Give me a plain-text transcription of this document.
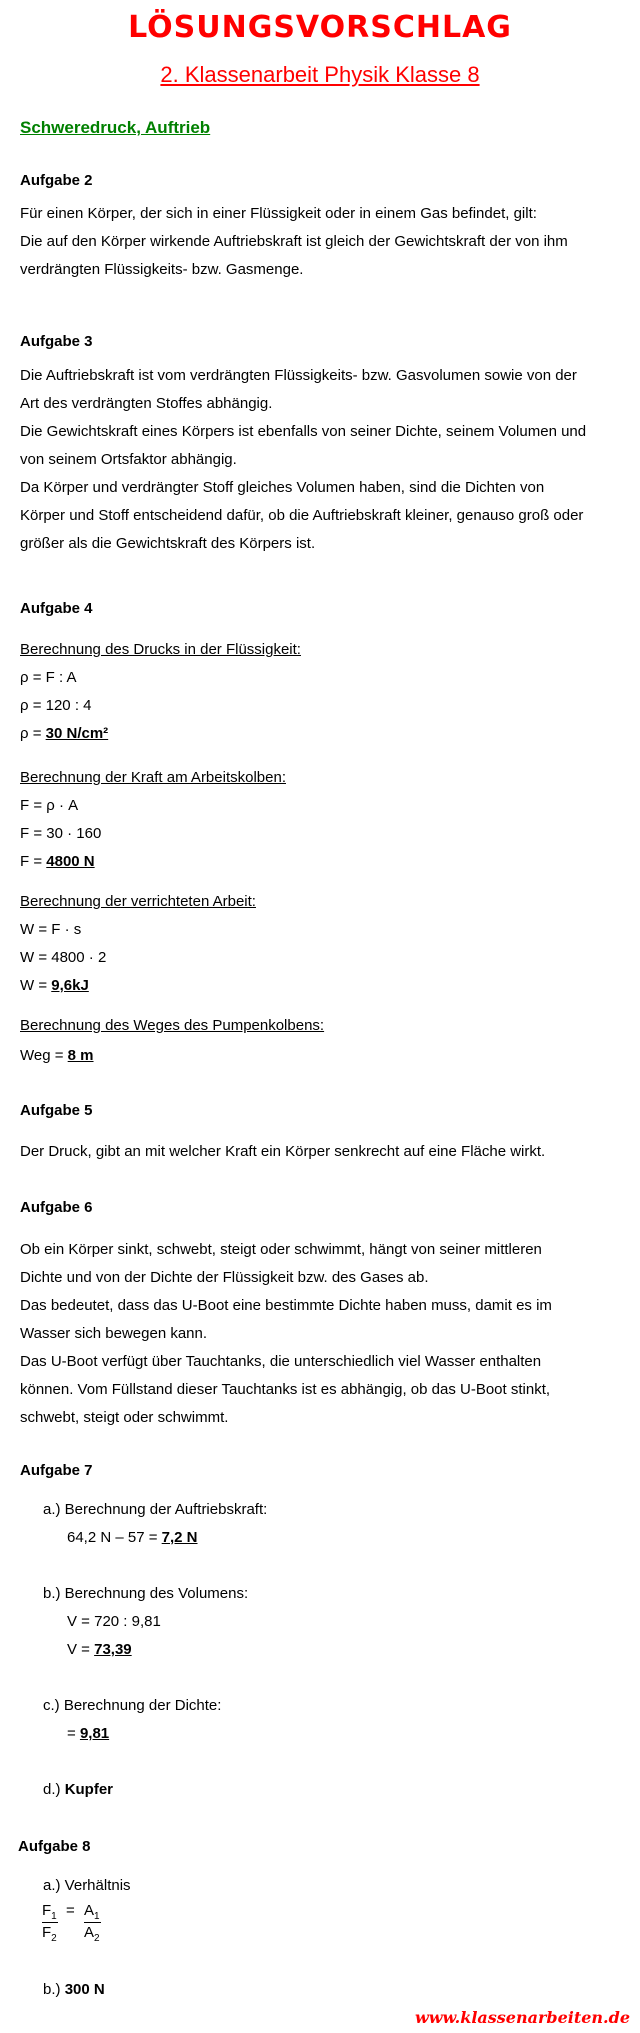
LÖSUNGSVORSCHLAG
2. Klassenarbeit Physik Klasse 8
Schweredruck, Auftrieb
Aufgabe 2
Für einen Körper, der sich in einer Flüssigkeit oder in einem Gas befindet, gilt:
Die auf den Körper wirkende Auftriebskraft ist gleich der Gewichtskraft der von ihm
verdrängten Flüssigkeits- bzw. Gasmenge.
Aufgabe 3
Die Auftriebskraft ist vom verdrängten Flüssigkeits- bzw. Gasvolumen sowie von der
Art des verdrängten Stoffes abhängig.
Die Gewichtskraft eines Körpers ist ebenfalls von seiner Dichte, seinem Volumen und
von seinem Ortsfaktor abhängig.
Da Körper und verdrängter Stoff gleiches Volumen haben, sind die Dichten von
Körper und Stoff entscheidend dafür, ob die Auftriebskraft kleiner, genauso groß oder
größer als die Gewichtskraft des Körpers ist.
Aufgabe 4
Berechnung des Drucks in der Flüssigkeit:
ρ = F : A
ρ = 120 : 4
ρ = 30 N/cm²
Berechnung der Kraft am Arbeitskolben:
F = ρ · A
F = 30 · 160
F = 4800 N
Berechnung der verrichteten Arbeit:
W = F · s
W = 4800 · 2
W = 9,6kJ
Berechnung des Weges des Pumpenkolbens:
Weg = 8 m
Aufgabe 5
Der Druck, gibt an mit welcher Kraft ein Körper senkrecht auf eine Fläche wirkt.
Aufgabe 6
Ob ein Körper sinkt, schwebt, steigt oder schwimmt, hängt von seiner mittleren
Dichte und von der Dichte der Flüssigkeit bzw. des Gases ab.
Das bedeutet, dass das U-Boot eine bestimmte Dichte haben muss, damit es im
Wasser sich bewegen kann.
Das U-Boot verfügt über Tauchtanks, die unterschiedlich viel Wasser enthalten
können. Vom Füllstand dieser Tauchtanks ist es abhängig, ob das U-Boot stinkt,
schwebt, steigt oder schwimmt.
Aufgabe 7
a.) Berechnung der Auftriebskraft:
64,2 N – 57 = 7,2 N
b.) Berechnung des Volumens:
V = 720 : 9,81
V = 73,39
c.) Berechnung der Dichte:
= 9,81
d.) Kupfer
Aufgabe 8
a.) Verhältnis
$F_1 = A_1$
$F_2$ $A_2$
b.) 300 N
www.klassenarbeiten.de
